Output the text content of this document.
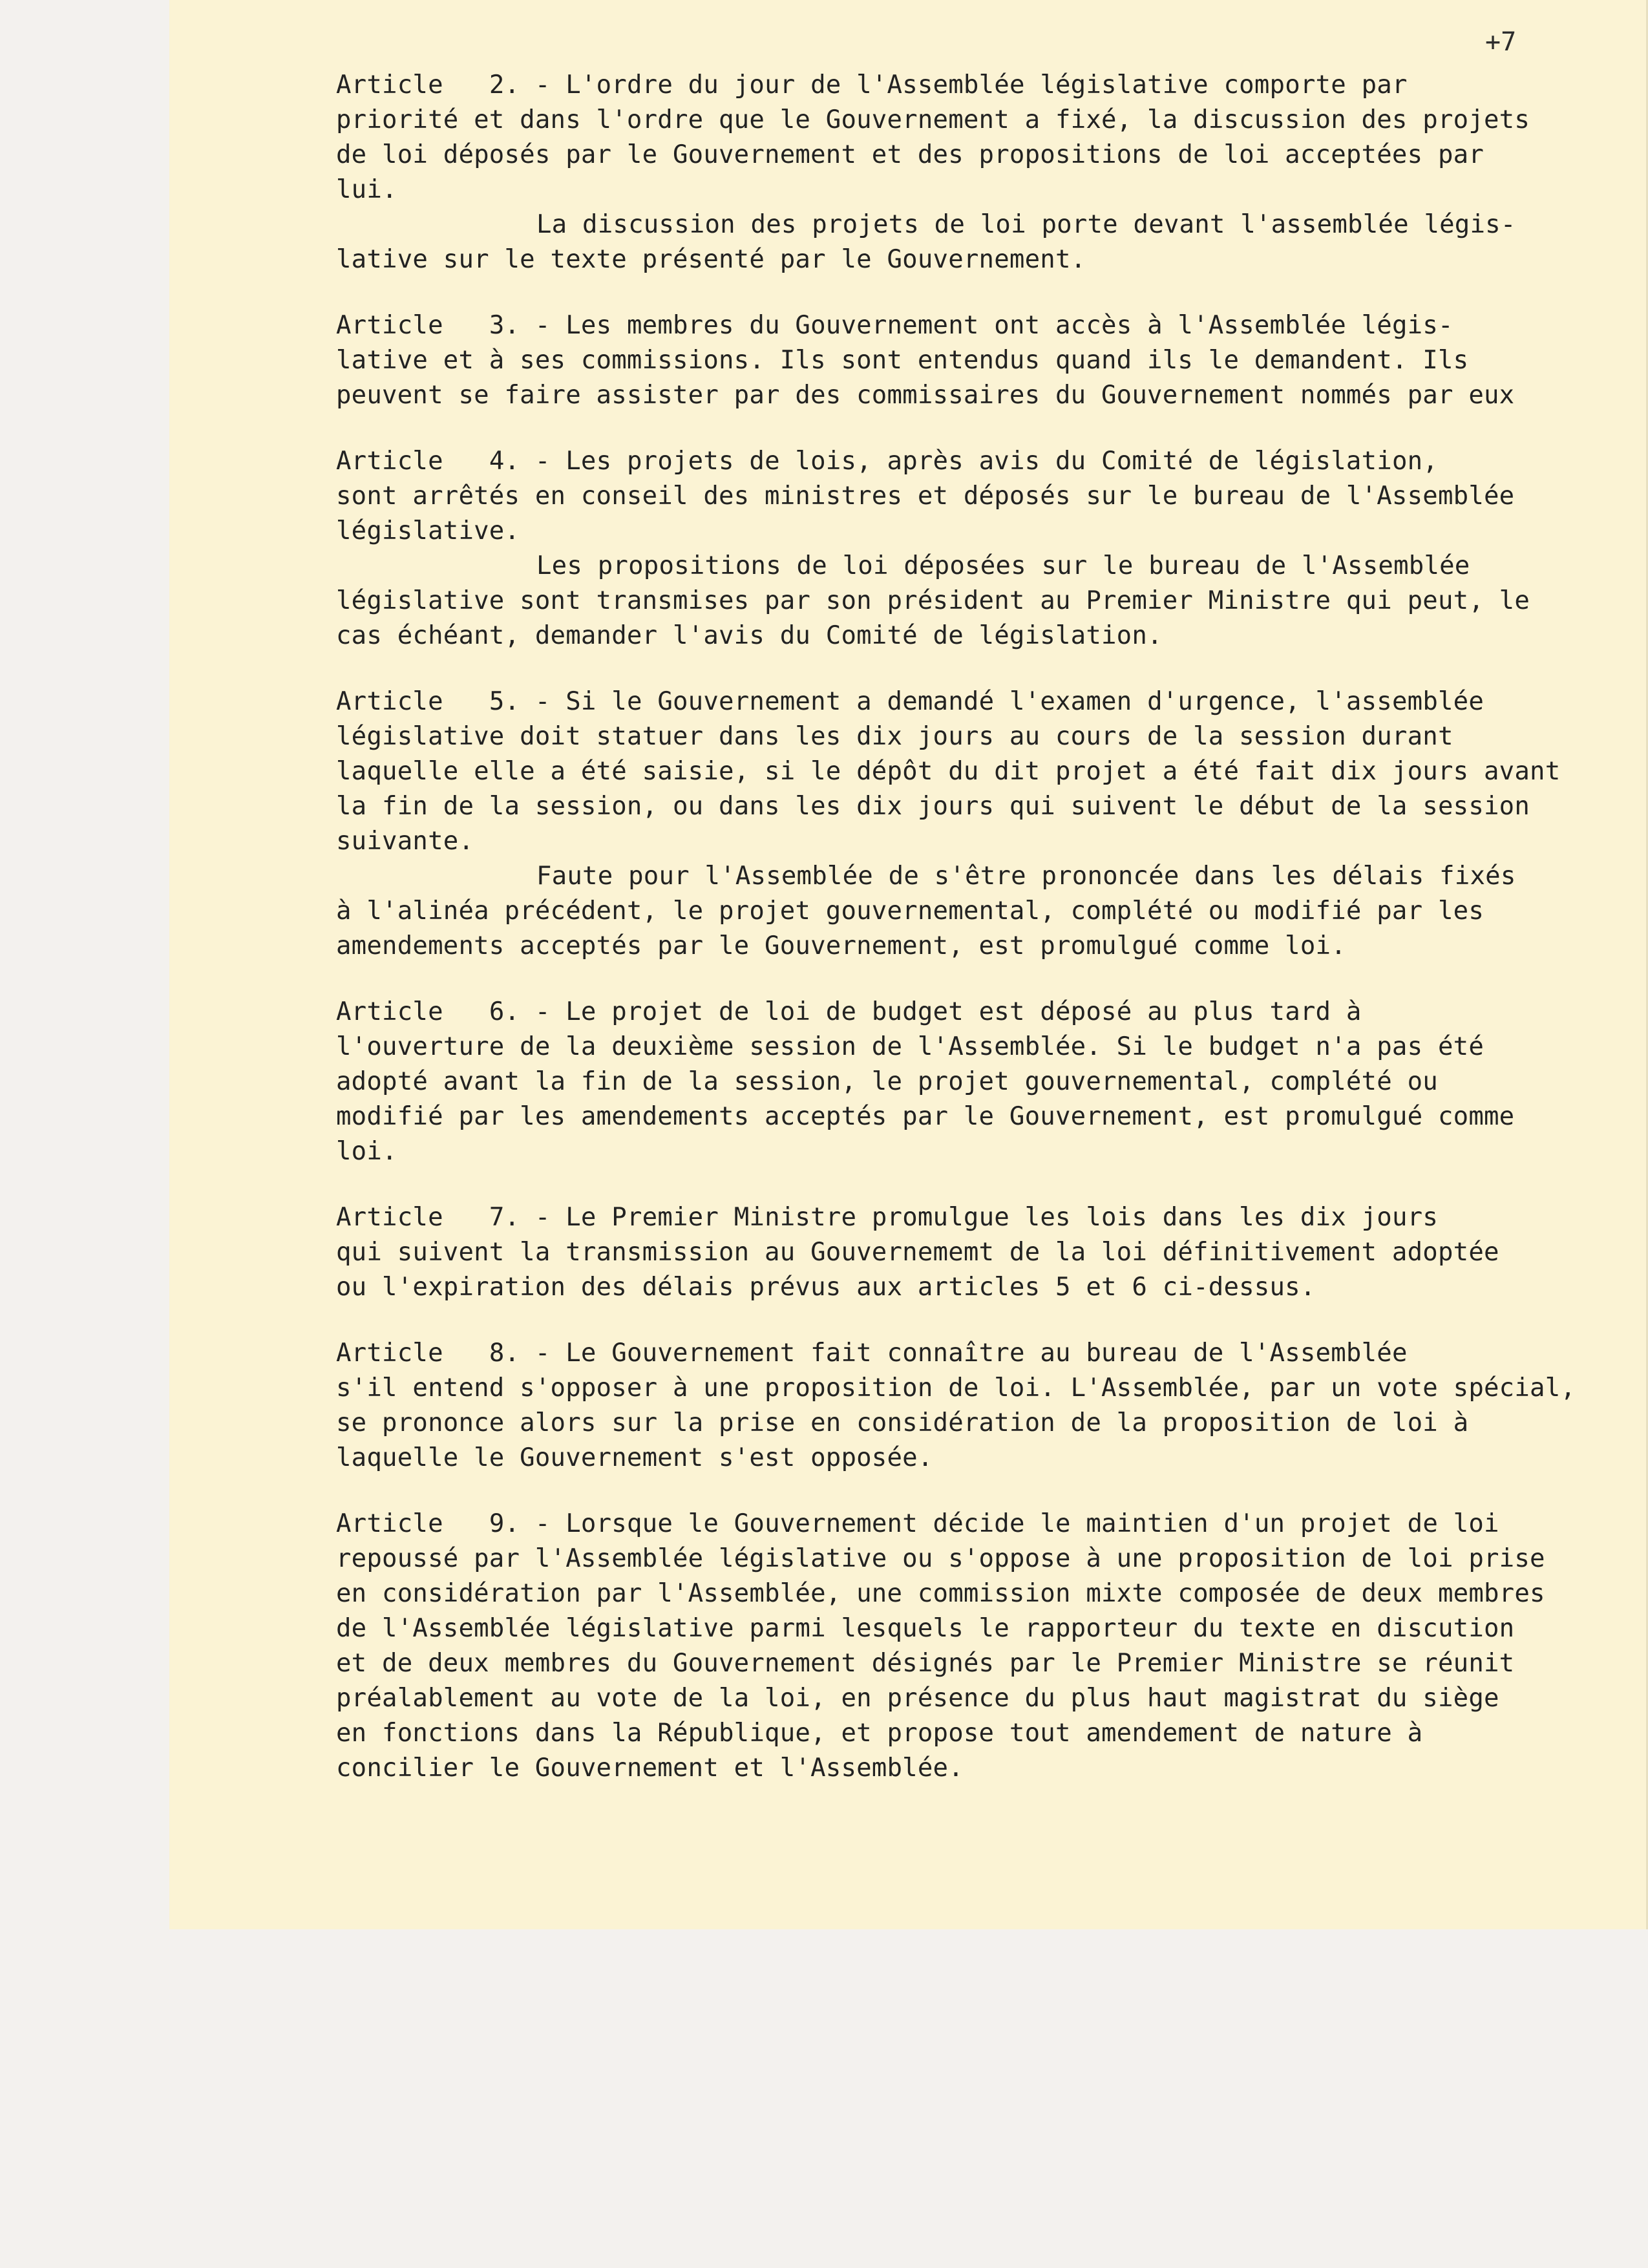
+7
Article    2.  - L'ordre du jour de l'Assemblée législative comporte par
priorité et dans l'ordre que le Gouvernement a fixé, la discussion des projets
de loi déposés par le Gouvernement et des propositions de loi acceptées par
lui.
La discussion des projets de loi porte devant l'assemblée légis-
lative sur le texte présenté par le Gouvernement.
Article    3.  - Les membres du Gouvernement ont accès à l'Assemblée légis-
lative et à ses commissions. Ils sont entendus quand ils le demandent. Ils
peuvent se faire assister par des commissaires du Gouvernement nommés par eux
Article    4.  - Les projets de lois, après avis du Comité de législation,
sont arrêtés en conseil des ministres et déposés sur le bureau de l'Assemblée
législative.
Les propositions de loi déposées sur le bureau de l'Assemblée
législative sont transmises par son président au Premier Ministre qui peut, le
cas échéant, demander l'avis du Comité de législation.
Article    5.  - Si le Gouvernement a demandé l'examen d'urgence, l'assemblée
législative doit statuer dans les dix jours au cours de la session durant
laquelle elle a été saisie, si le dépôt du dit projet a été fait dix jours avant
la fin de la session, ou dans les dix jours qui suivent le début de la session
suivante.
Faute pour l'Assemblée de s'être prononcée dans les délais fixés
à l'alinéa précédent, le projet gouvernemental, complété ou modifié par les
amendements acceptés par le Gouvernement, est promulgué comme loi.
Article    6.  - Le projet de loi de budget est déposé au plus tard à
l'ouverture de la deuxième session de l'Assemblée. Si le budget n'a pas été
adopté avant la fin de la session, le projet gouvernemental, complété ou
modifié par les amendements acceptés par le Gouvernement, est promulgué comme
loi.
Article    7.  - Le Premier Ministre promulgue les lois dans les dix jours
qui suivent la transmission au Gouvernememt de la loi définitivement adoptée
ou l'expiration des délais prévus aux articles 5 et 6 ci-dessus.
Article    8.  - Le Gouvernement fait connaître au bureau de l'Assemblée
s'il entend s'opposer à une proposition de loi. L'Assemblée, par un vote spécial,
se prononce alors sur la prise en considération de la proposition de loi à
laquelle le Gouvernement s'est opposée.
Article    9.  - Lorsque le Gouvernement décide le maintien d'un projet de loi
repoussé par l'Assemblée législative ou s'oppose à une proposition de loi prise
en considération par l'Assemblée, une commission mixte composée de deux membres
de l'Assemblée législative parmi lesquels le rapporteur du texte en discution
et de deux membres du Gouvernement désignés par le Premier Ministre se réunit
préalablement au vote de la loi, en présence du plus haut magistrat du siège
en fonctions dans la République, et propose tout amendement de nature à
concilier le Gouvernement et l'Assemblée.
